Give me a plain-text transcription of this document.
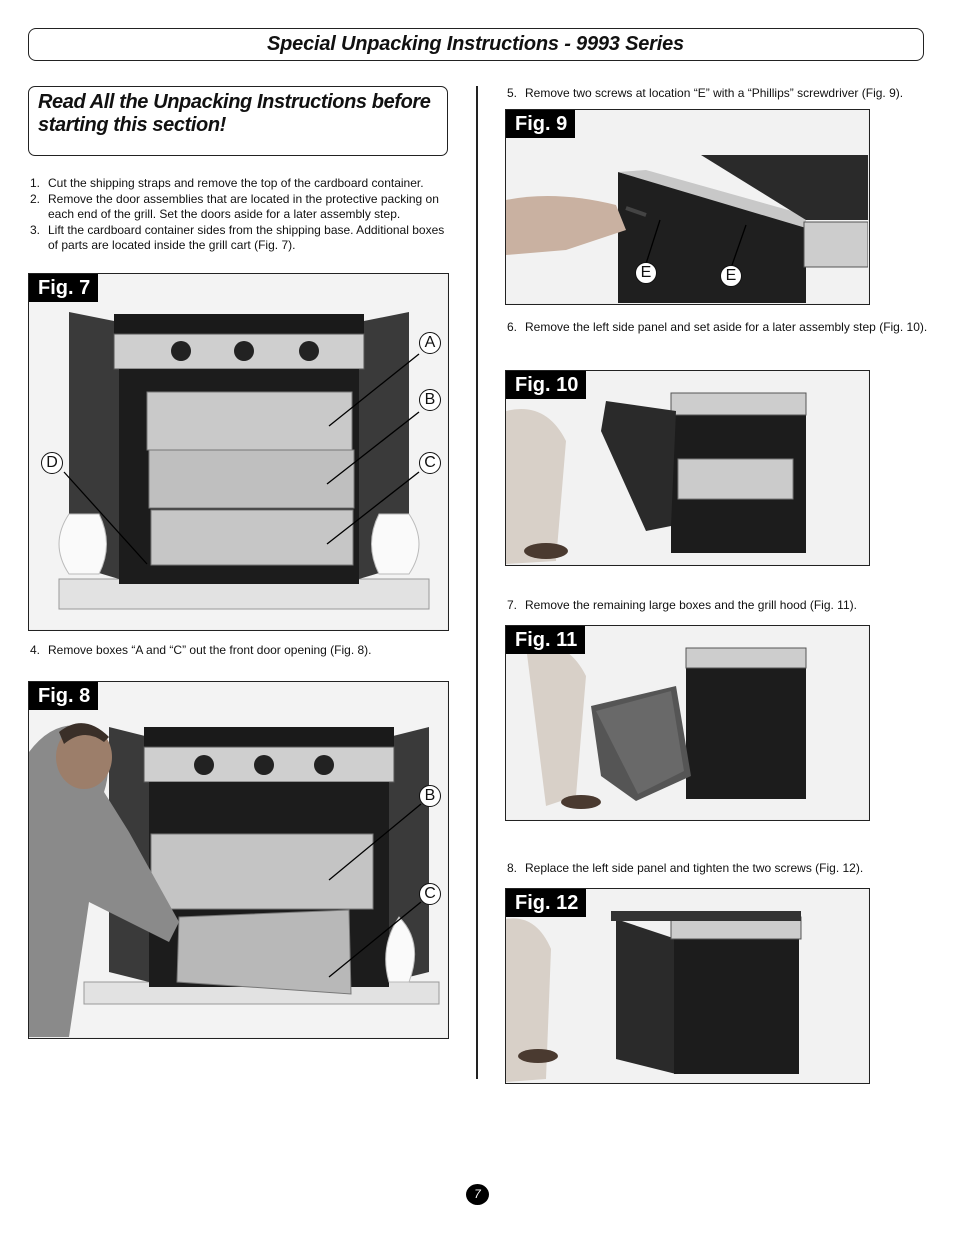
Special Unpacking Instructions - 9993 Series
Read All the Unpacking Instructions before starting this section!
1. Cut the shipping straps and remove the top of the cardboard container.
2. Remove the door assemblies that are located in the protective packing on each end of the grill. Set the doors aside for a later assembly step.
3. Lift the cardboard container sides from the shipping base. Additional boxes of parts are located inside the grill cart (Fig. 7).
Fig. 7
A
B
C
D
4. Remove boxes “A and “C” out the front door opening (Fig. 8).
Fig. 8
B
C
5. Remove two screws at location “E” with a “Phillips” screwdriver (Fig. 9).
Fig. 9
E	E
6. Remove the left side panel and set aside for a later assembly step (Fig. 10).
Fig. 10
7. Remove the remaining large boxes and the grill hood (Fig. 11).
Fig. 11
8. Replace the left side panel and tighten the two screws (Fig. 12).
Fig. 12
7
